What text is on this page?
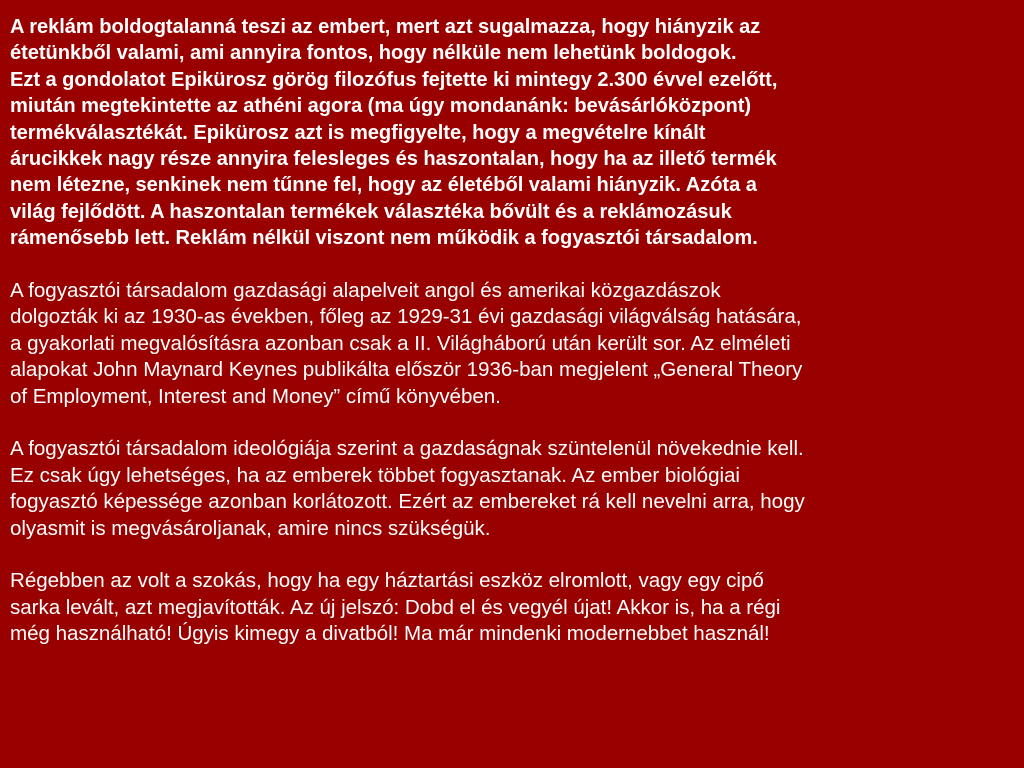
A reklám boldogtalanná teszi az embert, mert azt sugalmazza, hogy hiányzik az
étetünkből valami, ami annyira fontos, hogy nélküle nem lehetünk boldogok.
Ezt a gondolatot Epikürosz görög filozófus fejtette ki mintegy 2.300 évvel ezelőtt,
miután megtekintette az athéni agora (ma úgy mondanánk: bevásárlóközpont)
termékválasztékát. Epikürosz azt is megfigyelte, hogy a megvételre kínált
árucikkek nagy része annyira felesleges és haszontalan, hogy ha az illető termék
nem létezne, senkinek nem tűnne fel, hogy az életéből valami hiányzik. Azóta a
világ fejlődött. A haszontalan termékek választéka bővült és a reklámozásuk
rámenősebb lett. Reklám nélkül viszont nem működik a fogyasztói társadalom.

A fogyasztói társadalom gazdasági alapelveit angol és amerikai közgazdászok
dolgozták ki az 1930-as években, főleg az 1929-31 évi gazdasági világválság hatására,
a gyakorlati megvalósításra azonban csak a II. Világháború után került sor. Az elméleti
alapokat John Maynard Keynes publikálta először 1936-ban megjelent „General Theory
of Employment, Interest and Money” című könyvében.

A fogyasztói társadalom ideológiája szerint a gazdaságnak szüntelenül növekednie kell.
Ez csak úgy lehetséges, ha az emberek többet fogyasztanak. Az ember biológiai
fogyasztó képessége azonban korlátozott. Ezért az embereket rá kell nevelni arra, hogy
olyasmit is megvásároljanak, amire nincs szükségük.

Régebben az volt a szokás, hogy ha egy háztartási eszköz elromlott, vagy egy cipő
sarka levált, azt megjavították. Az új jelszó: Dobd el és vegyél újat! Akkor is, ha a régi
még használható! Úgyis kimegy a divatból! Ma már mindenki modernebbet használ!
